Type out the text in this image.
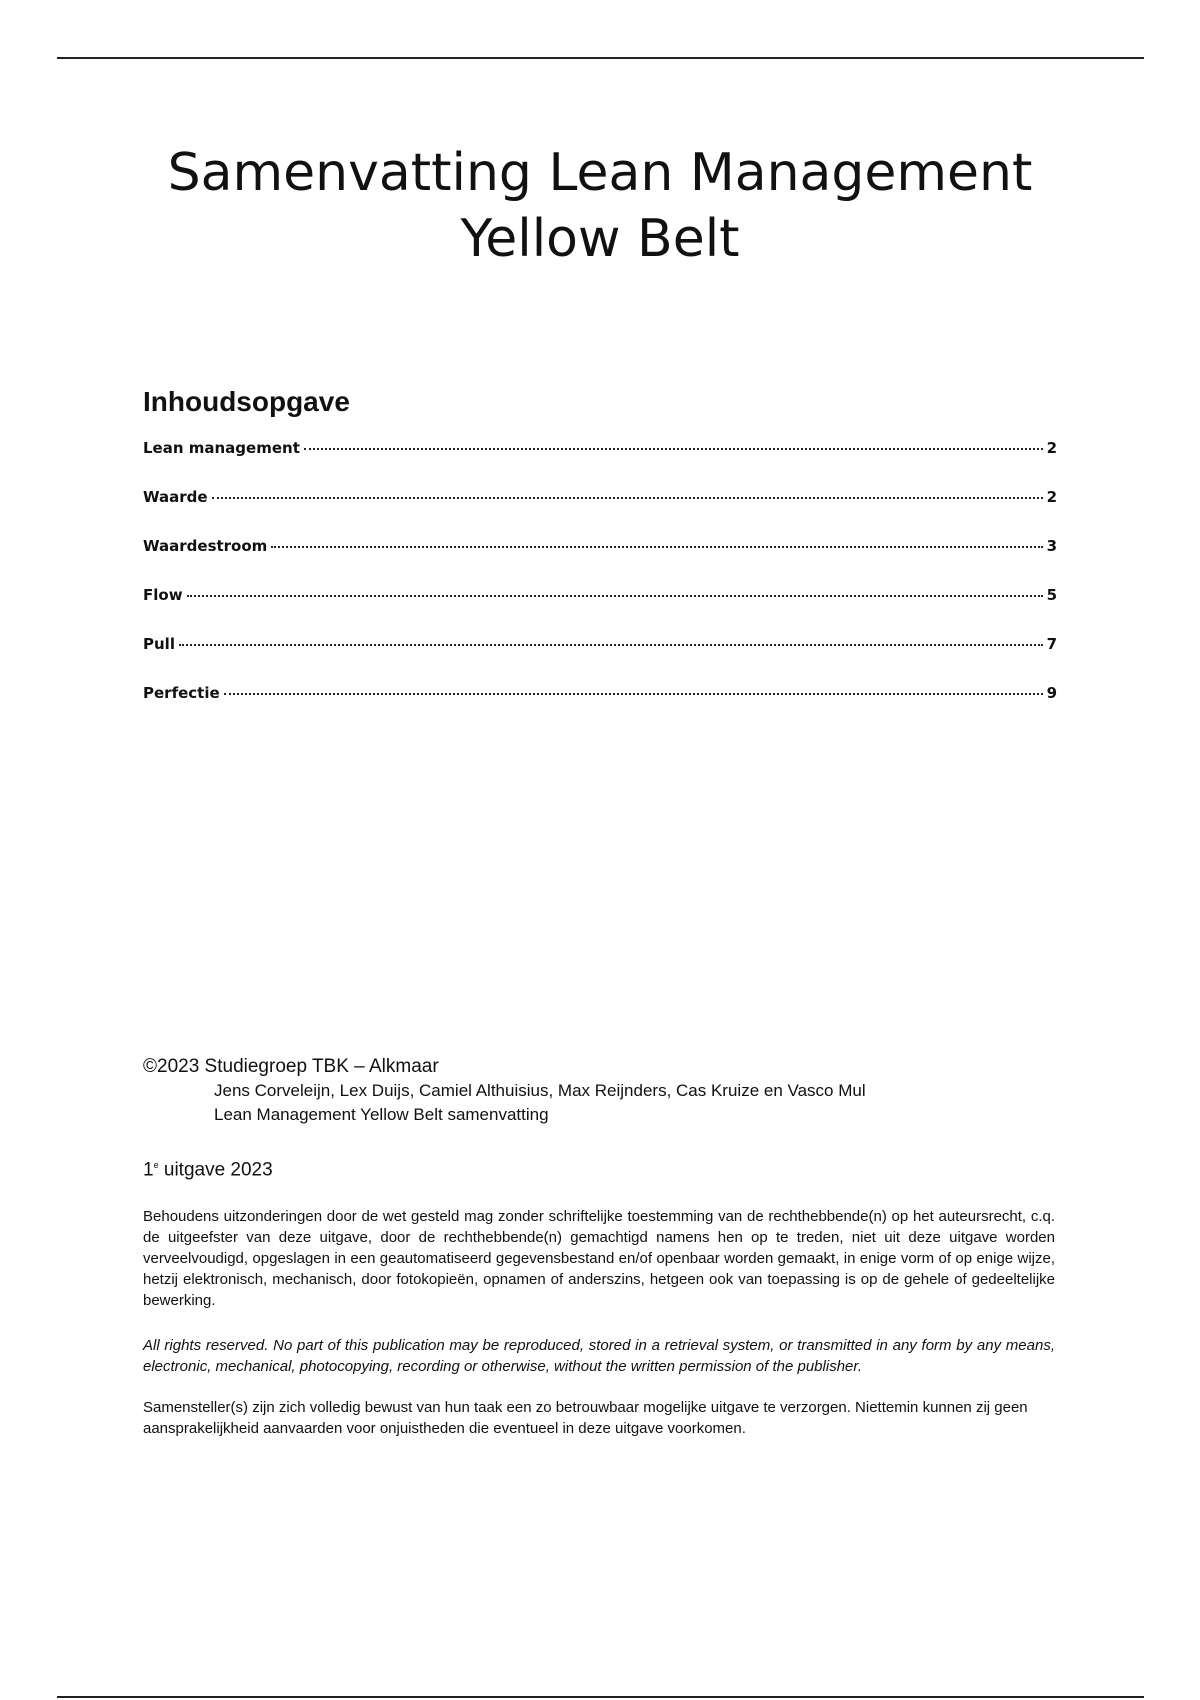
Samenvatting Lean Management
Yellow Belt
Inhoudsopgave
Lean management	2
Waarde	2
Waardestroom	3
Flow	5
Pull	7
Perfectie	9

©2023 Studiegroep TBK – Alkmaar

Jens Corveleijn, Lex Duijs, Camiel Althuisius, Max Reijnders, Cas Kruize en Vasco Mul

Lean Management Yellow Belt samenvatting

1e uitgave 2023

Behoudens uitzonderingen door de wet gesteld mag zonder schriftelijke toestemming van de rechthebbende(n) op het auteursrecht, c.q. de uitgeefster van deze uitgave, door de rechthebbende(n) gemachtigd namens hen op te treden, niet uit deze uitgave worden verveelvoudigd, opgeslagen in een geautomatiseerd gegevensbestand en/of openbaar worden gemaakt, in enige vorm of op enige wijze, hetzij elektronisch, mechanisch, door fotokopieën, opnamen of anderszins, hetgeen ook van toepassing is op de gehele of gedeeltelijke bewerking.

All rights reserved. No part of this publication may be reproduced, stored in a retrieval system, or transmitted in any form by any means, electronic, mechanical, photocopying, recording or otherwise, without the written permission of the publisher.

Samensteller(s) zijn zich volledig bewust van hun taak een zo betrouwbaar mogelijke uitgave te verzorgen. Niettemin kunnen zij geen aansprakelijkheid aanvaarden voor onjuistheden die eventueel in deze uitgave voorkomen.
